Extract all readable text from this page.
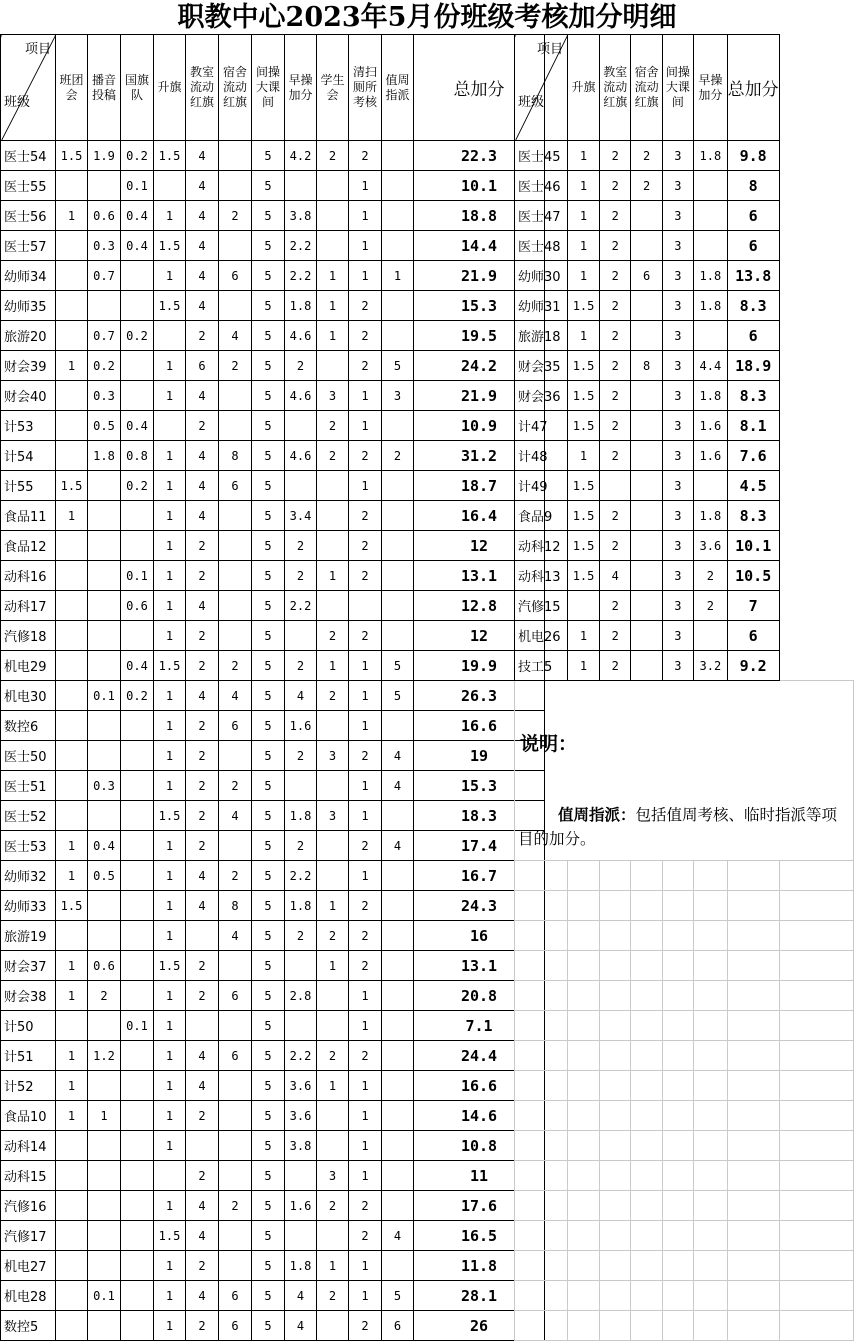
职教中心2023年5月份班级考核加分明细
项目
班级	班团会	播音投稿	国旗队	升旗	教室流动红旗	宿舍流动红旗	间操大课间	早操加分	学生会	清扫厕所考核	值周指派	总加分
医士54	1.5	1.9	0.2	1.5	4		5	4.2	2	2		22.3
医士55			0.1		4		5			1		10.1
医士56	1	0.6	0.4	1	4	2	5	3.8		1		18.8
医士57		0.3	0.4	1.5	4		5	2.2		1		14.4
幼师34		0.7		1	4	6	5	2.2	1	1	1	21.9
幼师35				1.5	4		5	1.8	1	2		15.3
旅游20		0.7	0.2		2	4	5	4.6	1	2		19.5
财会39	1	0.2		1	6	2	5	2		2	5	24.2
财会40		0.3		1	4		5	4.6	3	1	3	21.9
计53		0.5	0.4		2		5		2	1		10.9
计54		1.8	0.8	1	4	8	5	4.6	2	2	2	31.2
计55	1.5		0.2	1	4	6	5			1		18.7
食品11	1			1	4		5	3.4		2		16.4
食品12				1	2		5	2		2		12
动科16			0.1	1	2		5	2	1	2		13.1
动科17			0.6	1	4		5	2.2				12.8
汽修18				1	2		5		2	2		12
机电29			0.4	1.5	2	2	5	2	1	1	5	19.9
机电30		0.1	0.2	1	4	4	5	4	2	1	5	26.3
数控6				1	2	6	5	1.6		1		16.6
医士50				1	2		5	2	3	2	4	19
医士51		0.3		1	2	2	5			1	4	15.3
医士52				1.5	2	4	5	1.8	3	1		18.3
医士53	1	0.4		1	2		5	2		2	4	17.4
幼师32	1	0.5		1	4	2	5	2.2		1		16.7
幼师33	1.5			1	4	8	5	1.8	1	2		24.3
旅游19				1		4	5	2	2	2		16
财会37	1	0.6		1.5	2		5		1	2		13.1
财会38	1	2		1	2	6	5	2.8		1		20.8
计50			0.1	1			5			1		7.1
计51	1	1.2		1	4	6	5	2.2	2	2		24.4
计52	1			1	4		5	3.6	1	1		16.6
食品10	1	1		1	2		5	3.6		1		14.6
动科14				1			5	3.8		1		10.8
动科15					2		5		3	1		11
汽修16				1	4	2	5	1.6	2	2		17.6
汽修17				1.5	4		5			2	4	16.5
机电27				1	2		5	1.8	1	1		11.8
机电28		0.1		1	4	6	5	4	2	1	5	28.1
数控5				1	2	6	5	4		2	6	26
项目
班级	升旗	教室流动红旗	宿舍流动红旗	间操大课间	早操加分	总加分	
医士45	1	2	2	3	1.8	9.8	
医士46	1	2	2	3		8	
医士47	1	2		3		6	
医士48	1	2		3		6	
幼师30	1	2	6	3	1.8	13.8	
幼师31	1.5	2		3	1.8	8.3	
旅游18	1	2		3		6	
财会35	1.5	2	8	3	4.4	18.9	
财会36	1.5	2		3	1.8	8.3	
计47	1.5	2		3	1.6	8.1	
计48	1	2		3	1.6	7.6	
计49	1.5			3		4.5	
食品9	1.5	2		3	1.8	8.3	
动科12	1.5	2		3	3.6	10.1	
动科13	1.5	4		3	2	10.5	
汽修15		2		3	2	7	
机电26	1	2		3		6	
技工5	1	2		3	3.2	9.2	

说明：
值周指派：包括值周考核、临时指派等项目的加分。							
